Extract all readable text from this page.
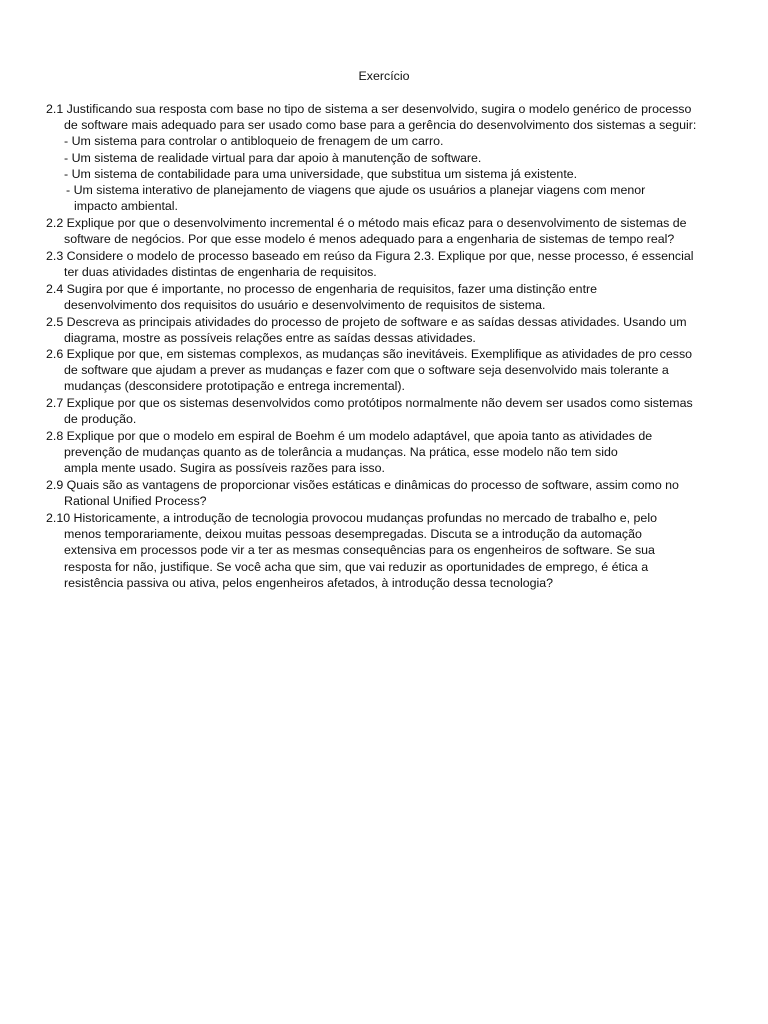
Exercício
2.1 Justificando sua resposta com base no tipo de sistema a ser desenvolvido, sugira o modelo genérico de processo
de software mais adequado para ser usado como base para a gerência do desenvolvimento dos sistemas a seguir:
- Um sistema para controlar o antibloqueio de frenagem de um carro.
- Um sistema de realidade virtual para dar apoio à manutenção de software.
- Um sistema de contabilidade para uma universidade, que substitua um sistema já existente.
- Um sistema interativo de planejamento de viagens que ajude os usuários a planejar viagens com menor
impacto ambiental.
2.2 Explique por que o desenvolvimento incremental é o método mais eficaz para o desenvolvimento de sistemas de
software de negócios. Por que esse modelo é menos adequado para a engenharia de sistemas de tempo real?
2.3 Considere o modelo de processo baseado em reúso da Figura 2.3. Explique por que, nesse processo, é essencial
ter duas atividades distintas de engenharia de requisitos.
2.4 Sugira por que é importante, no processo de engenharia de requisitos, fazer uma distinção entre
desenvolvimento dos requisitos do usuário e desenvolvimento de requisitos de sistema.
2.5 Descreva as principais atividades do processo de projeto de software e as saídas dessas atividades. Usando um
diagrama, mostre as possíveis relações entre as saídas dessas atividades.
2.6 Explique por que, em sistemas complexos, as mudanças são inevitáveis. Exemplifique as atividades de pro cesso
de software que ajudam a prever as mudanças e fazer com que o software seja desenvolvido mais tolerante a
mudanças (desconsidere prototipação e entrega incremental).
2.7 Explique por que os sistemas desenvolvidos como protótipos normalmente não devem ser usados como sistemas
de produção.
2.8 Explique por que o modelo em espiral de Boehm é um modelo adaptável, que apoia tanto as atividades de
prevenção de mudanças quanto as de tolerância a mudanças. Na prática, esse modelo não tem sido
ampla mente usado. Sugira as possíveis razões para isso.
2.9 Quais são as vantagens de proporcionar visões estáticas e dinâmicas do processo de software, assim como no
Rational Unified Process?
2.10 Historicamente, a introdução de tecnologia provocou mudanças profundas no mercado de trabalho e, pelo
menos temporariamente, deixou muitas pessoas desempregadas. Discuta se a introdução da automação
extensiva em processos pode vir a ter as mesmas consequências para os engenheiros de software. Se sua
resposta for não, justifique. Se você acha que sim, que vai reduzir as oportunidades de emprego, é ética a
resistência passiva ou ativa, pelos engenheiros afetados, à introdução dessa tecnologia?
